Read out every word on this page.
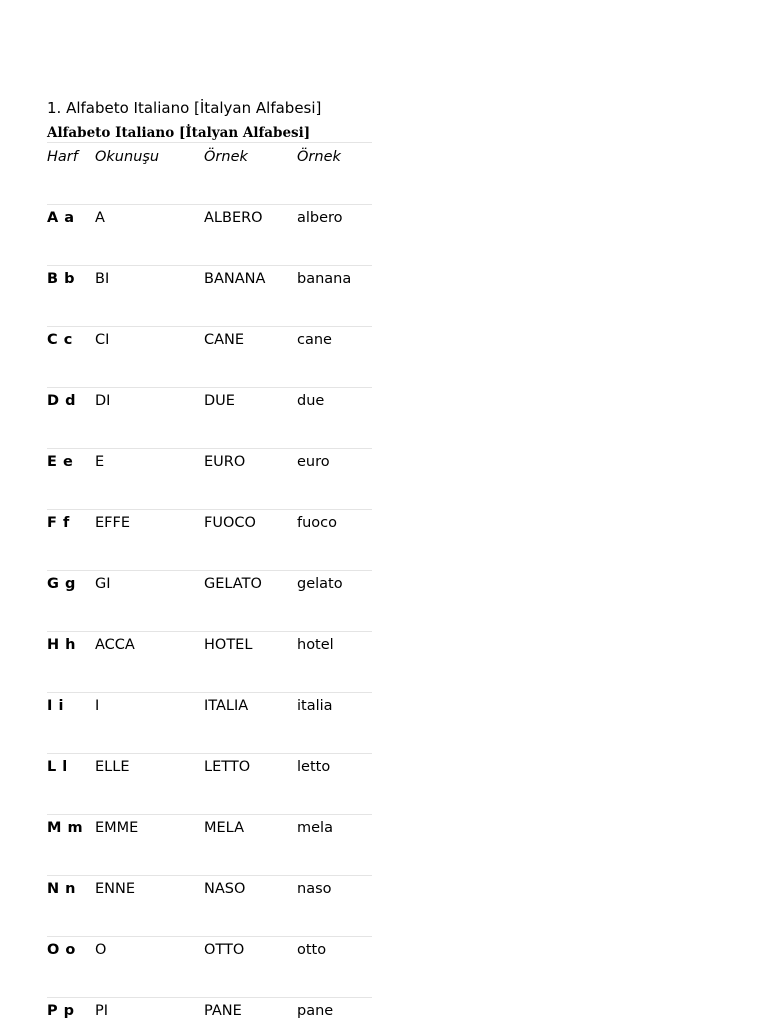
1. Alfabeto Italiano [İtalyan Alfabesi]
Alfabeto Italiano [İtalyan Alfabesi]
Harf	Okunuşu	Örnek	Örnek
A a	A	ALBERO	albero
B b	BI	BANANA	banana
C c	CI	CANE	cane
D d	DI	DUE	due
E e	E	EURO	euro
F f	EFFE	FUOCO	fuoco
G g	GI	GELATO	gelato
H h	ACCA	HOTEL	hotel
I i	I	ITALIA	italia
L l	ELLE	LETTO	letto
M m	EMME	MELA	mela
N n	ENNE	NASO	naso
O o	O	OTTO	otto
P p	PI	PANE	pane
